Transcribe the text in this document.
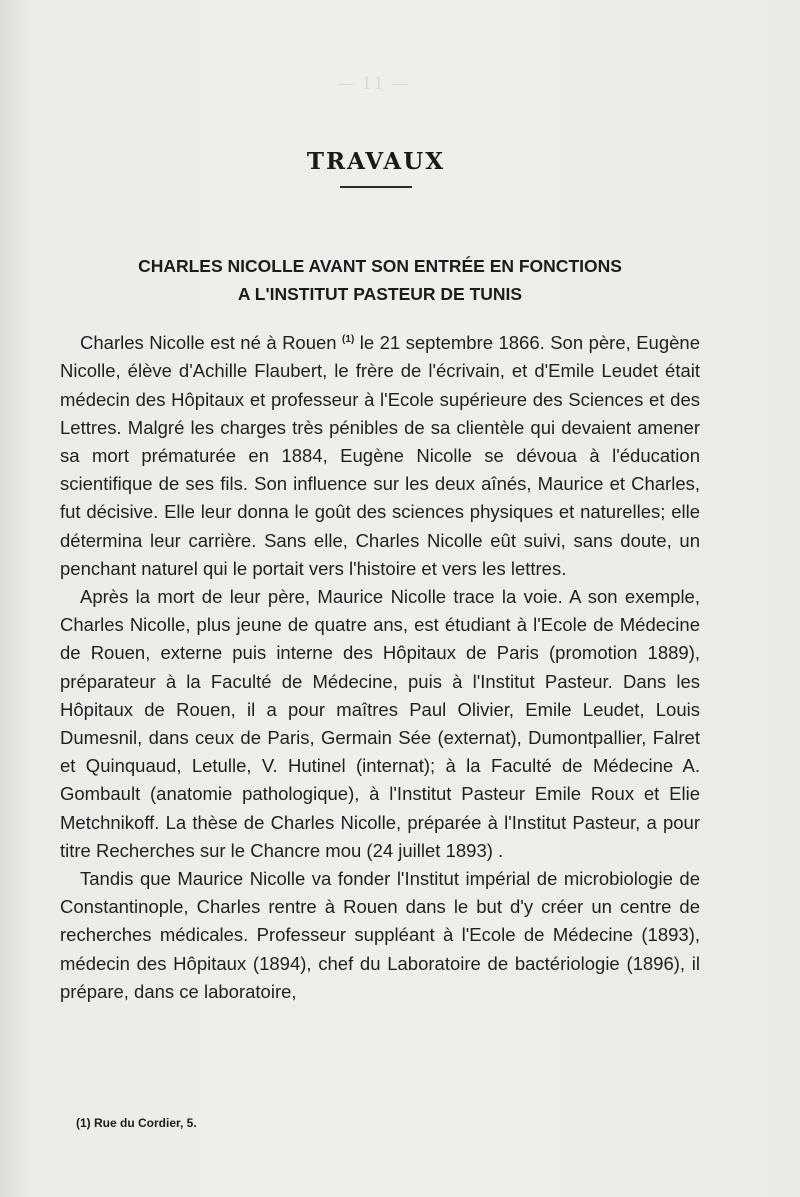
— 11 —
TRAVAUX
CHARLES NICOLLE AVANT SON ENTRÉE EN FONCTIONS
A L'INSTITUT PASTEUR DE TUNIS

Charles Nicolle est né à Rouen $^{(1)}$ le 21 septembre 1866. Son père, Eugène Nicolle, élève d'Achille Flaubert, le frère de l'écrivain, et d'Emile Leudet était médecin des Hôpitaux et professeur à l'Ecole supérieure des Sciences et des Lettres. Malgré les charges très pénibles de sa clientèle qui devaient amener sa mort prématurée en 1884, Eugène Nicolle se dévoua à l'éducation scientifique de ses fils. Son influence sur les deux aînés, Maurice et Charles, fut décisive. Elle leur donna le goût des sciences physiques et naturelles; elle détermina leur carrière. Sans elle, Charles Nicolle eût suivi, sans doute, un penchant naturel qui le portait vers l'histoire et vers les lettres.

Après la mort de leur père, Maurice Nicolle trace la voie. A son exemple, Charles Nicolle, plus jeune de quatre ans, est étudiant à l'Ecole de Médecine de Rouen, externe puis interne des Hôpitaux de Paris (promotion 1889), préparateur à la Faculté de Médecine, puis à l'Institut Pasteur. Dans les Hôpitaux de Rouen, il a pour maîtres Paul Olivier, Emile Leudet, Louis Dumesnil, dans ceux de Paris, Germain Sée (externat), Dumontpallier, Falret et Quinquaud, Letulle, V. Hutinel (internat); à la Faculté de Médecine A. Gombault (anatomie pathologique), à l'Institut Pasteur Emile Roux et Elie Metchnikoff. La thèse de Charles Nicolle, préparée à l'Institut Pasteur, a pour titre Recherches sur le Chancre mou (24 juillet 1893) .

Tandis que Maurice Nicolle va fonder l'Institut impérial de microbiologie de Constantinople, Charles rentre à Rouen dans le but d'y créer un centre de recherches médicales. Professeur suppléant à l'Ecole de Médecine (1893), médecin des Hôpitaux (1894), chef du Laboratoire de bactériologie (1896), il prépare, dans ce laboratoire,

(1) Rue du Cordier, 5.
